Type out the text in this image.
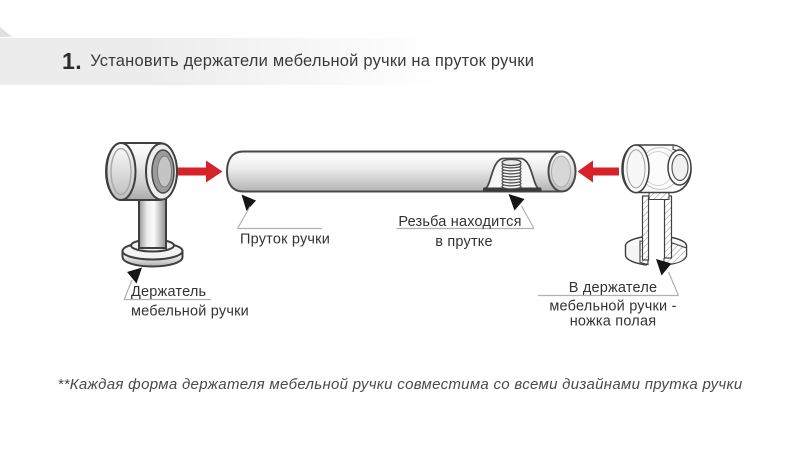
1. Установить держатели мебельной ручки на пруток ручки
Пруток ручки
Резьба находится
в прутке
Держатель
мебельной ручки
В держателе
мебельной ручки -
ножка полая
**Каждая форма держателя мебельной ручки совместима со всеми дизайнами прутка ручки
